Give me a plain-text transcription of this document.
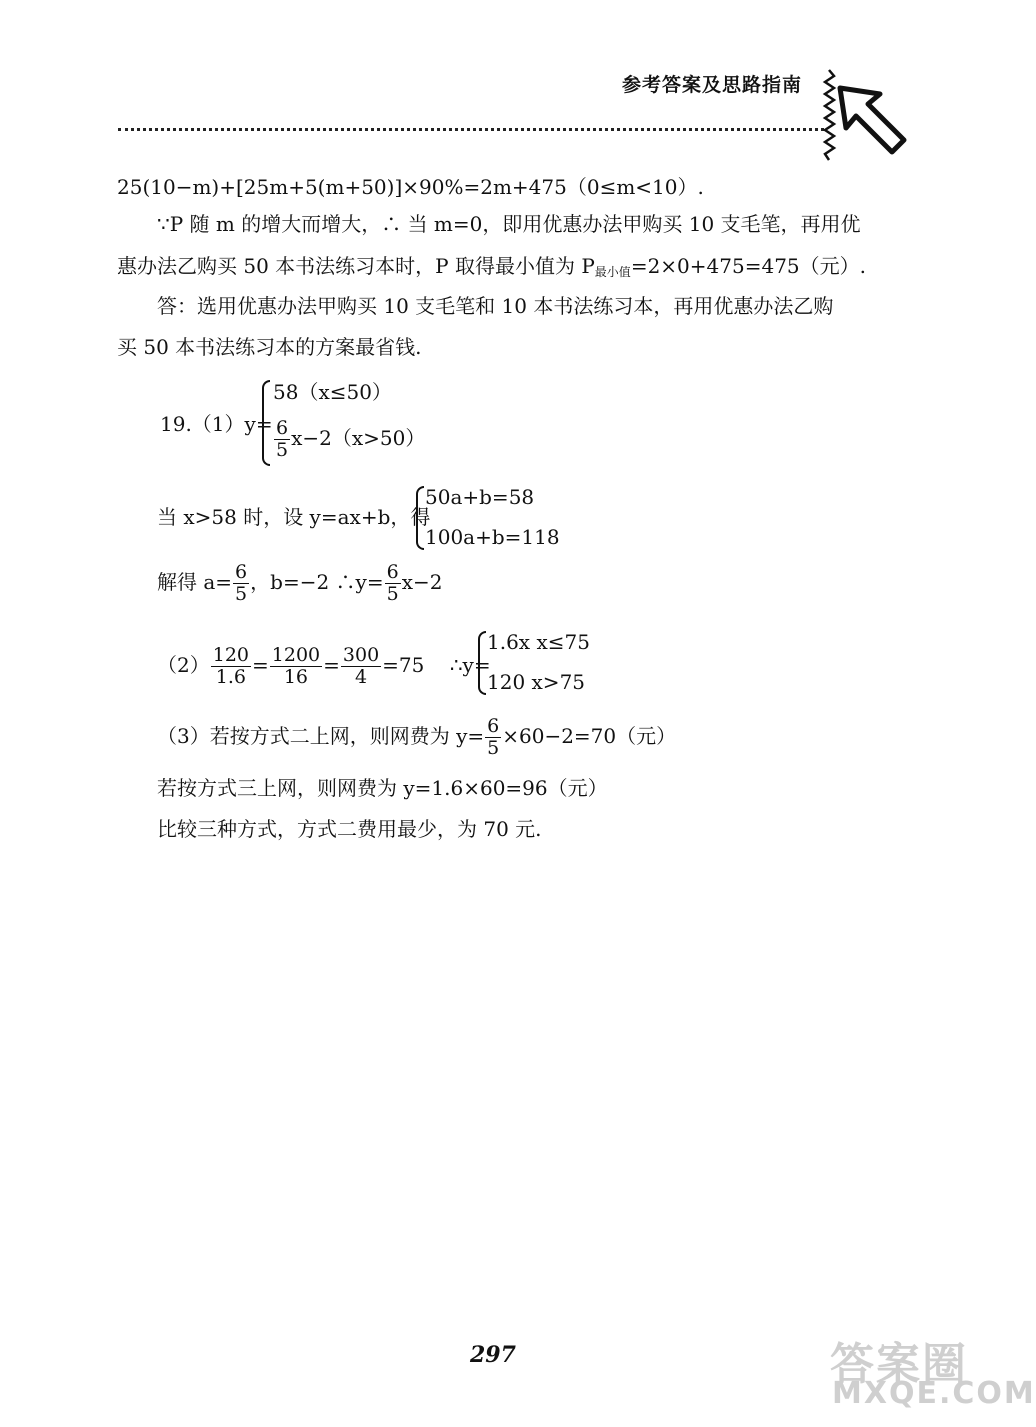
参考答案及思路指南
25(10−m)+[25m+5(m+50)]×90%=2m+475（0≤m<10）.
∵P 随 m 的增大而增大，∴ 当 m=0，即用优惠办法甲购买 10 支毛笔，再用优
惠办法乙购买 50 本书法练习本时，P 取得最小值为 $P_{最小值}=2\times 0+475=475$（元）.
答：选用优惠办法甲购买 10 支毛笔和 10 本书法练习本，再用优惠办法乙购
买 50 本书法练习本的方案最省钱.
19.（1）y=
58（x≤50）
$\frac{6}{5} x-2(x>50)$
当 x>58 时，设 y=ax+b，得
50a+b=58
100a+b=118
解得 $a= \frac{6}{5}$ ，b=−2 ∴y= $\frac{6}{5} x-2$
$(2) \frac{120}{1.6} = \frac{1200}{16} = \frac{300}{4} =75$ ∴y=
1.6x x≤75
120 x>75
（3）若按方式二上网，则网费为 $y= \frac{6}{5} \times 60-2=70$（元）
若按方式三上网，则网费为 y=1.6×60=96（元）
比较三种方式，方式二费用最少，为 70 元.
297	答案圈
MXQE.COM
